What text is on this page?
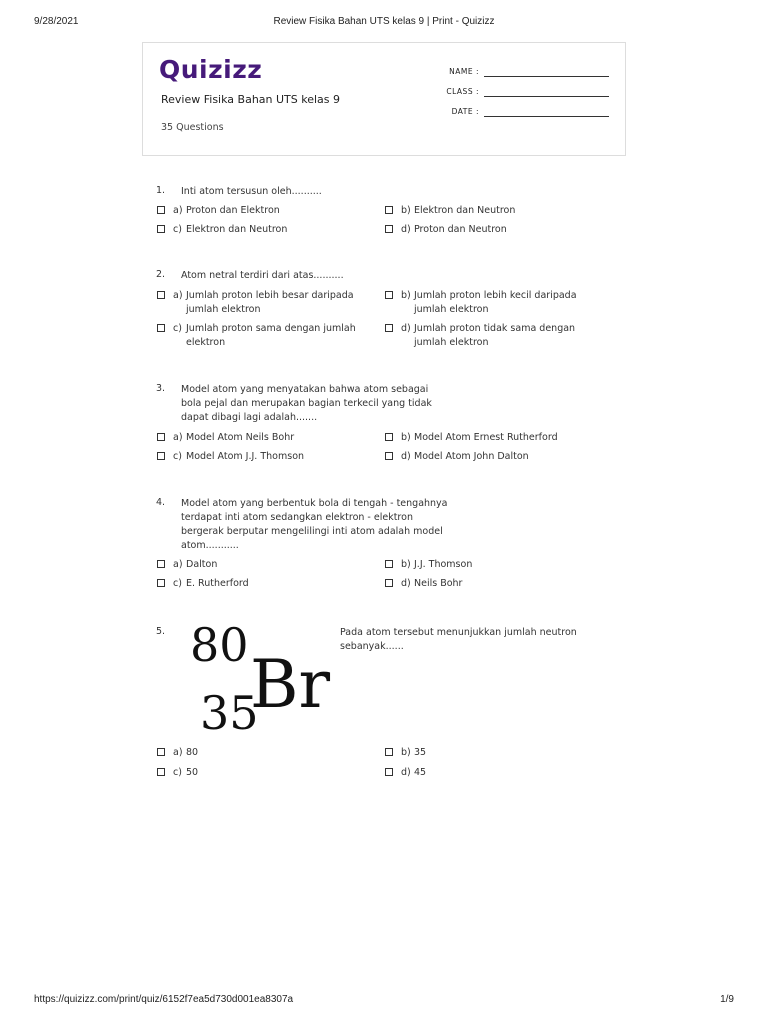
9/28/2021	Review Fisika Bahan UTS kelas 9 | Print - Quizizz
Quizizz
Review Fisika Bahan UTS kelas 9
35 Questions
NAME :
CLASS :
DATE :
1. Inti atom tersusun oleh..........
a) Proton dan Elektron	b) Elektron dan Neutron
c) Elektron dan Neutron	d) Proton dan Neutron
2. Atom netral terdiri dari atas..........
a) Jumlah proton lebih besar daripada jumlah elektron
b) Jumlah proton lebih kecil daripada jumlah elektron
c) Jumlah proton sama dengan jumlah elektron
d) Jumlah proton tidak sama dengan jumlah elektron
3. Model atom yang menyatakan bahwa atom sebagai bola pejal dan merupakan bagian terkecil yang tidak dapat dibagi lagi adalah.......
a) Model Atom Neils Bohr	b) Model Atom Ernest Rutherford
c) Model Atom J.J. Thomson	d) Model Atom John Dalton
4. Model atom yang berbentuk bola di tengah - tengahnya terdapat inti atom sedangkan elektron - elektron bergerak berputar mengelilingi inti atom adalah model atom...........
a) Dalton	b) J.J. Thomson
c) E. Rutherford	d) Neils Bohr
5. 80
35
Br
Pada atom tersebut menunjukkan jumlah neutron sebanyak......
a) 80	b) 35
c) 50	d) 45
https://quizizz.com/print/quiz/6152f7ea5d730d001ea8307a	1/9
